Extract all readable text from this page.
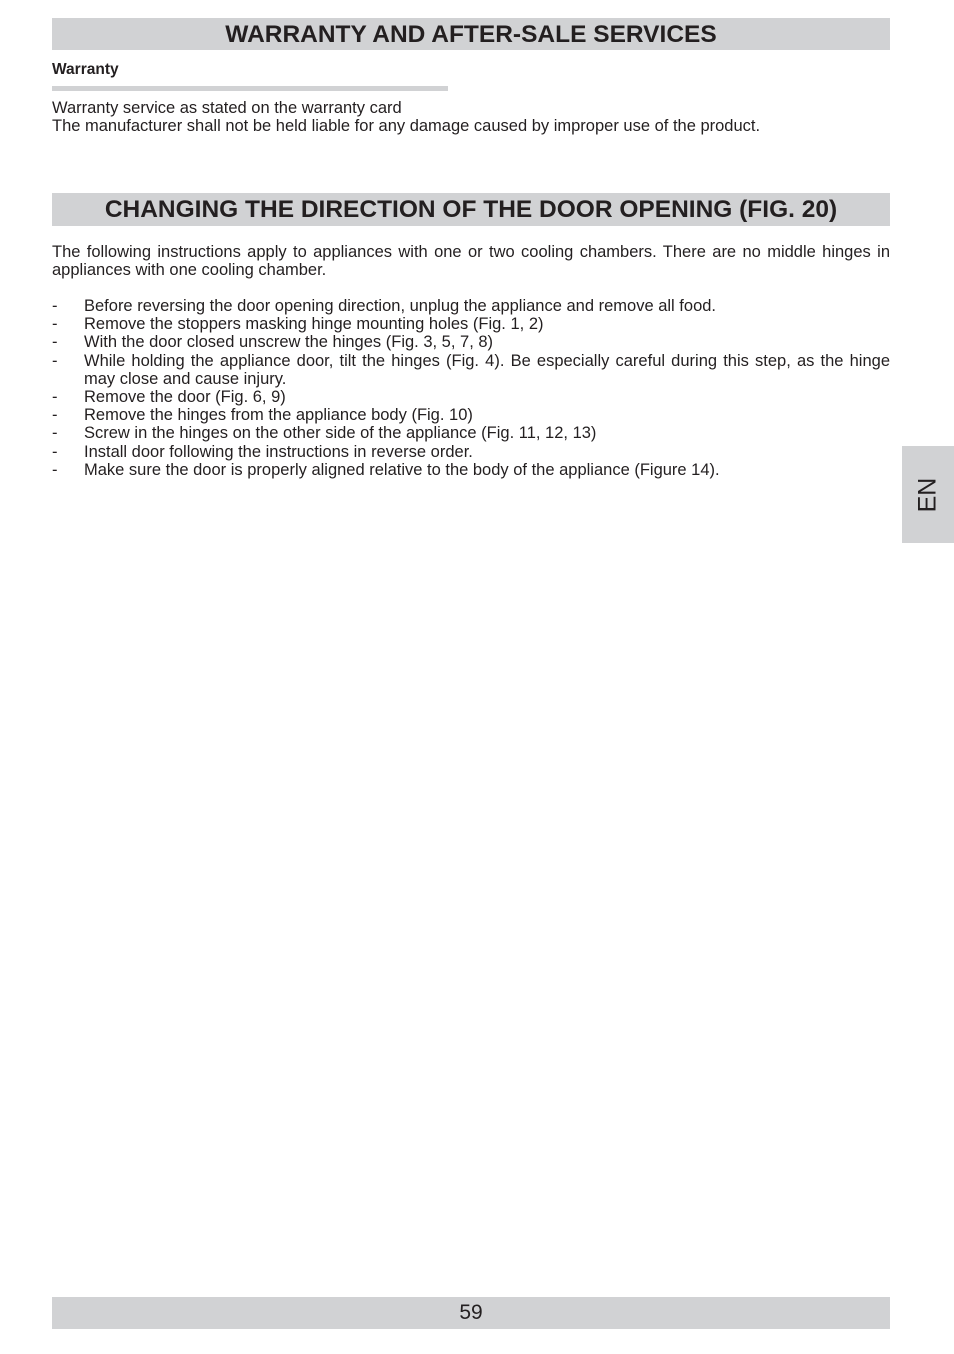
WARRANTY AND AFTER-SALE SERVICES
Warranty
Warranty service as stated on the warranty card
The manufacturer shall not be held liable for any damage caused by improper use of the product.
CHANGING THE DIRECTION OF THE DOOR OPENING (FIG. 20)
The following instructions apply to appliances with one or two cooling chambers. There are no middle hinges in appliances with one cooling chamber.
- Before reversing the door opening direction, unplug the appliance and remove all food.
- Remove the stoppers masking hinge mounting holes (Fig. 1, 2)
- With the door closed unscrew the hinges (Fig. 3, 5, 7, 8)
- While holding the appliance door, tilt the hinges (Fig. 4). Be especially careful during this step, as the hinge may close and cause injury.
- Remove the door (Fig. 6, 9)
- Remove the hinges from the appliance body (Fig. 10)
- Screw in the hinges on the other side of the appliance (Fig. 11, 12, 13)
- Install door following the instructions in reverse order.
- Make sure the door is properly aligned relative to the body of the appliance (Figure 14).
EN
59
